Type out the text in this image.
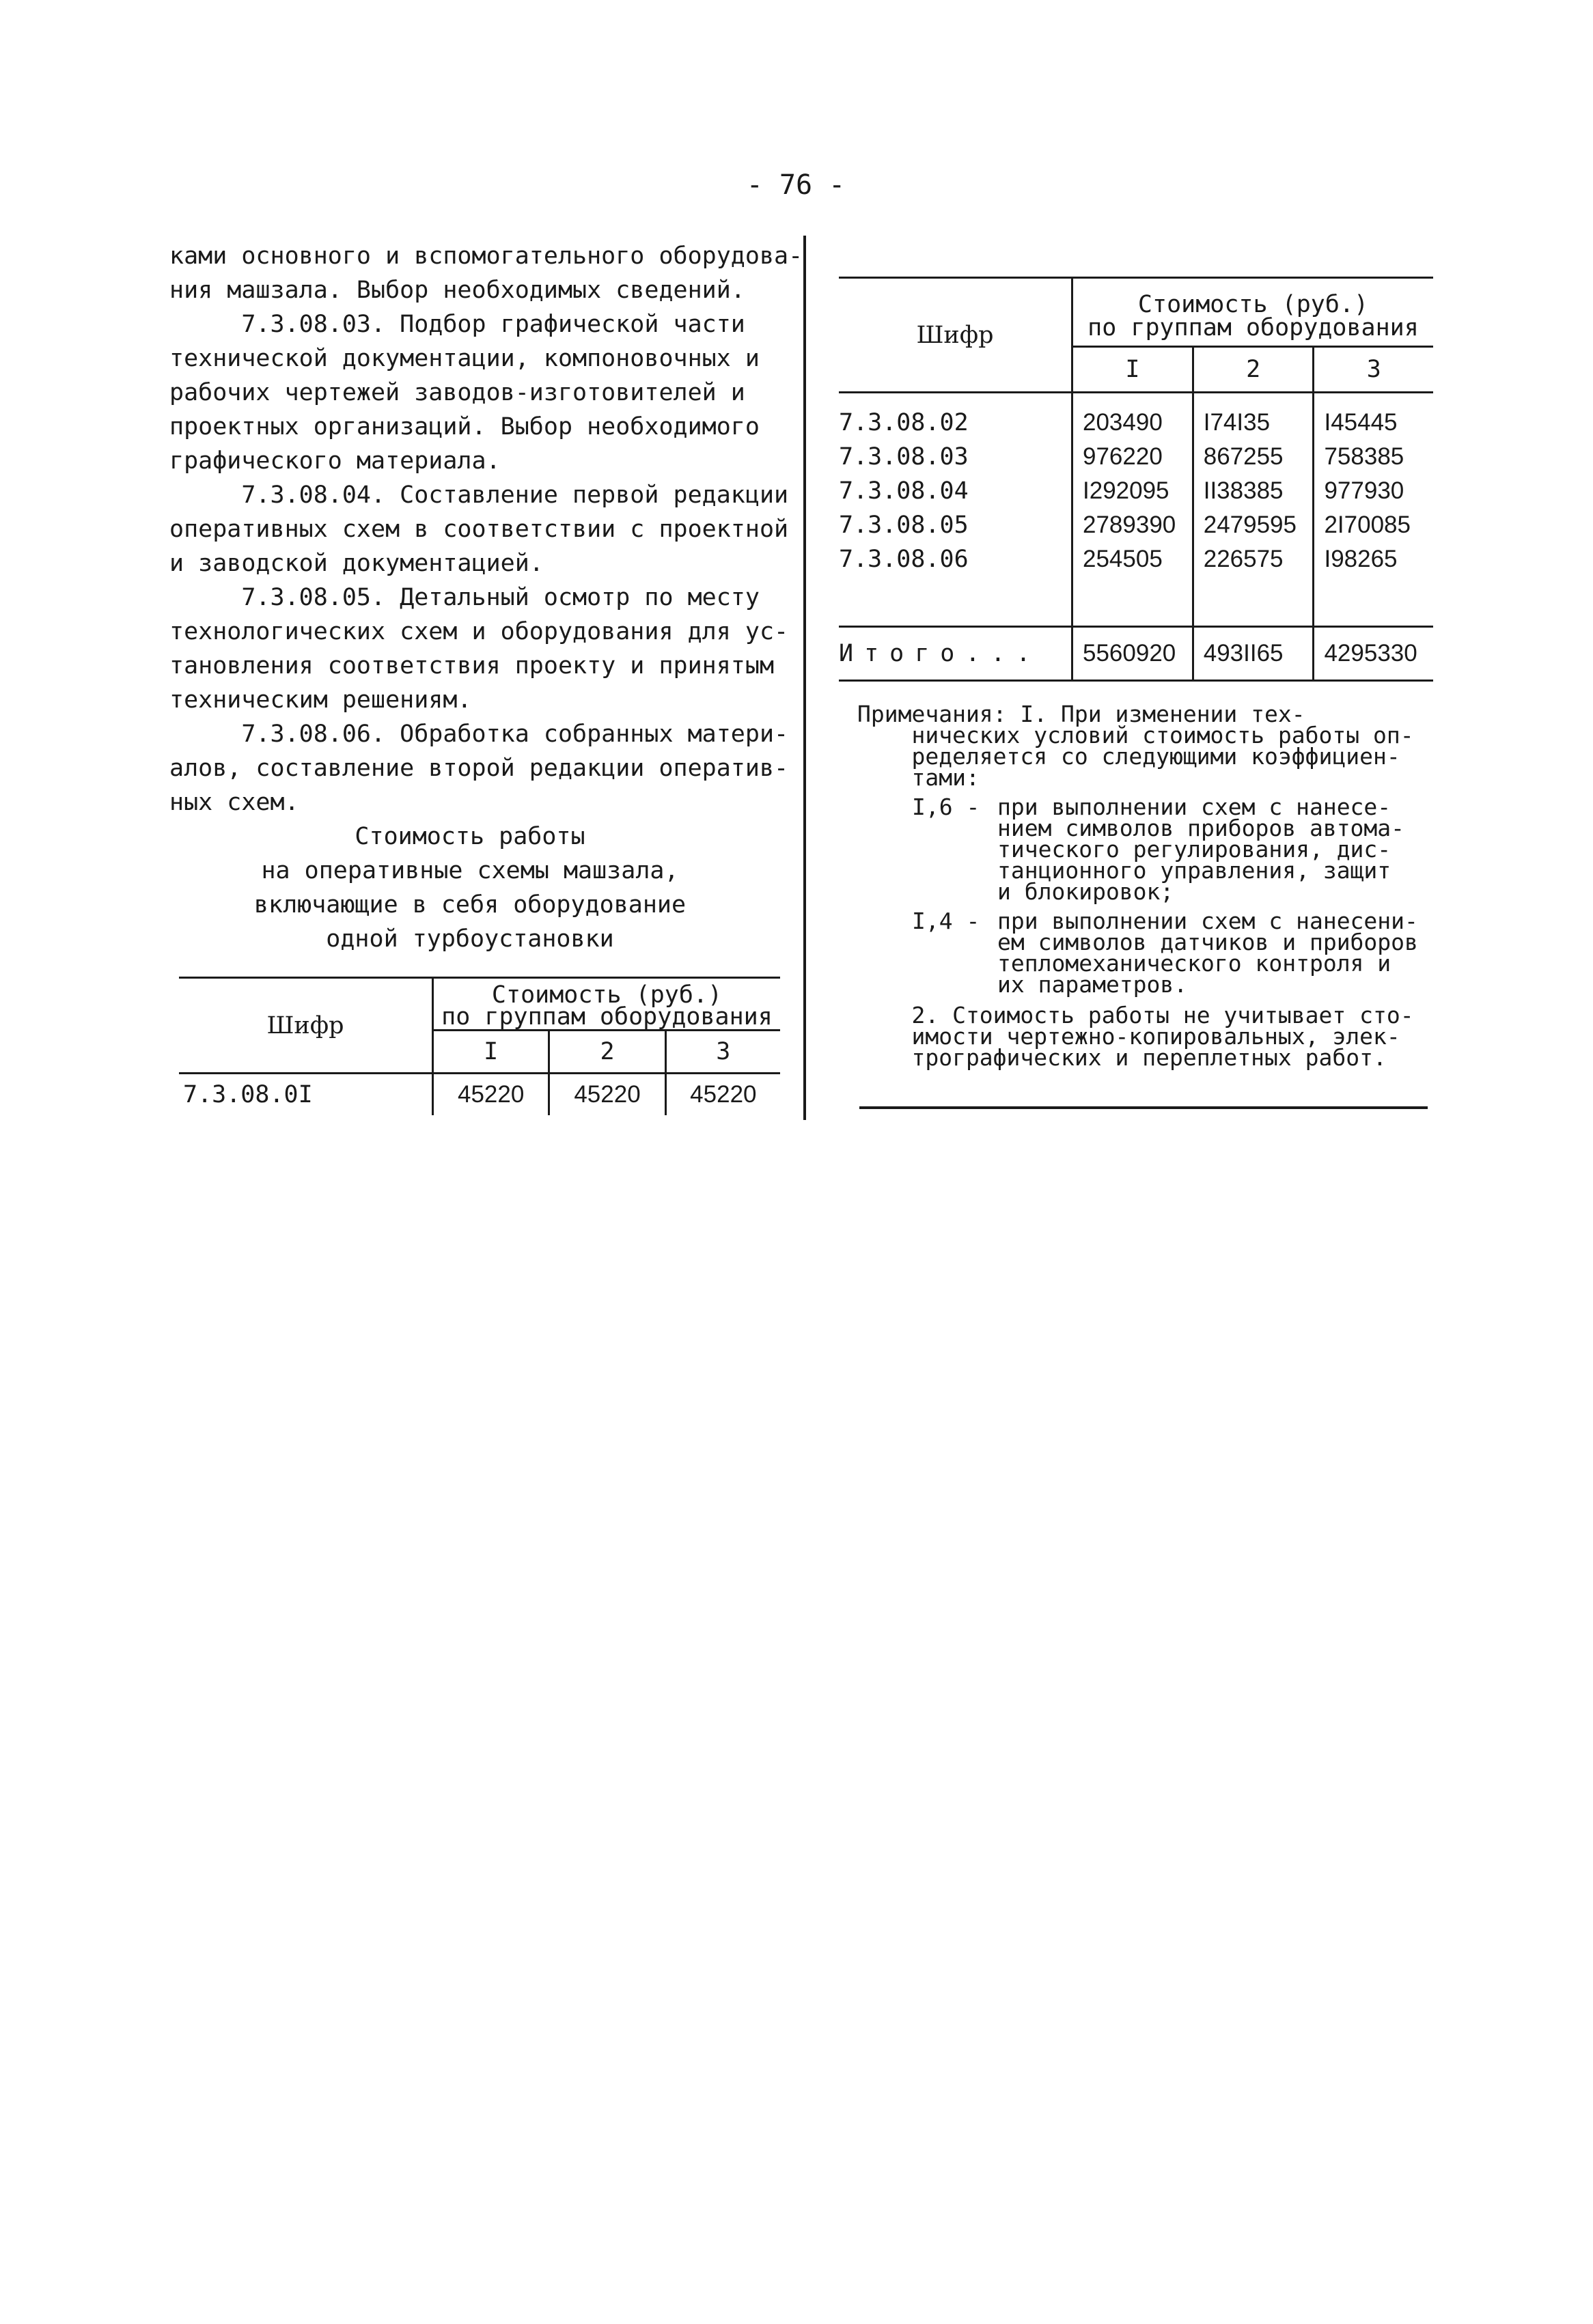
- 76 -

ками основного и вспомогательного оборудова-

ния машзала. Выбор необходимых сведений.

7.3.08.03. Подбор графической части

технической документации, компоновочных и

рабочих чертежей заводов-изготовителей и

проектных организаций. Выбор необходимого

графического материала.

7.3.08.04. Составление первой редакции

оперативных схем в соответствии с проектной

и заводской документацией.

7.3.08.05. Детальный осмотр по месту

технологических схем и оборудования для ус-

тановления соответствия проекту и принятым

техническим решениям.

7.3.08.06. Обработка собранных матери-

алов, составление второй редакции оператив-

ных схем.

Стоимость работы
на оперативные схемы машзала,
включающие в себя оборудование
одной турбоустановки
Шифр	Стоимость (руб.)
по группам оборудования		

	I	2	3
7.3.08.0I	45220	45220	45220
Шифр	Стоимость (руб.)
по группам оборудования		

	I	2	3
7.3.08.02	203490	I74I35	I45445
7.3.08.03	976220	867255	758385
7.3.08.04	I292095	II38385	977930
7.3.08.05	2789390	2479595	2I70085
7.3.08.06	254505	226575	I98265

Итого...	5560920	493II65	4295330

Примечания: I. При изменении тех-

нических условий стоимость работы оп-

ределяется со следующими коэффициен-

тами:

I,6 - при выполнении схем с нанесе-
нием символов приборов автома-
тического регулирования, дис-
танционного управления, защит
и блокировок;
I,4 - при выполнении схем с нанесени-
ем символов датчиков и приборов
тепломеханического контроля и
их параметров.
2. Стоимость работы не учитывает сто-
имости чертежно-копировальных, элек-
трографических и переплетных работ.
